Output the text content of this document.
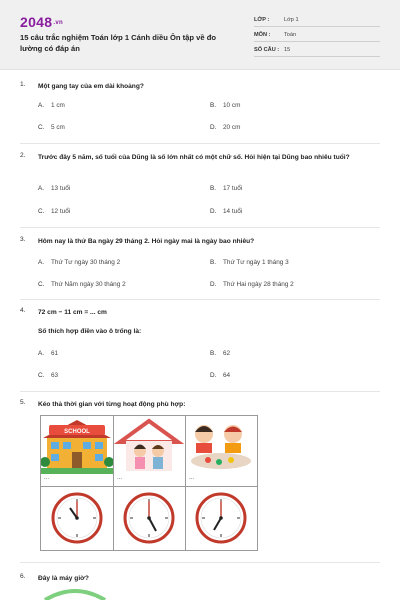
2048.vn
15 câu trắc nghiệm Toán lớp 1 Cánh diều Ôn tập về đo lường có đáp án
LỚP :	Lớp 1
MÔN : Toán
SỐ CÂU : 15
1. Một gang tay của em dài khoảng?
A. 1 cm	B. 10 cm
C. 5 cm	D. 20 cm
2. Trước đây 5 năm, số tuổi của Dũng là số lớn nhất có một chữ số. Hỏi hiện tại Dũng bao nhiêu tuổi?
A. 13 tuổi	B. 17 tuổi
C. 12 tuổi	D. 14 tuổi
3. Hôm nay là thứ Ba ngày 29 tháng 2. Hỏi ngày mai là ngày bao nhiêu?
A. Thứ Tư ngày 30 tháng 2	B. Thứ Tư ngày 1 tháng 3
C. Thứ Năm ngày 30 tháng 2	D. Thứ Hai ngày 28 tháng 2
4. 72 cm − 11 cm = ... cm
Số thích hợp điền vào ô trống là:
A. 61	B. 62
C. 63	D. 64
5. Kéo thả thời gian với từng hoạt động phù hợp:
SCHOOL
...	...	...
6. Đây là máy giờ?
